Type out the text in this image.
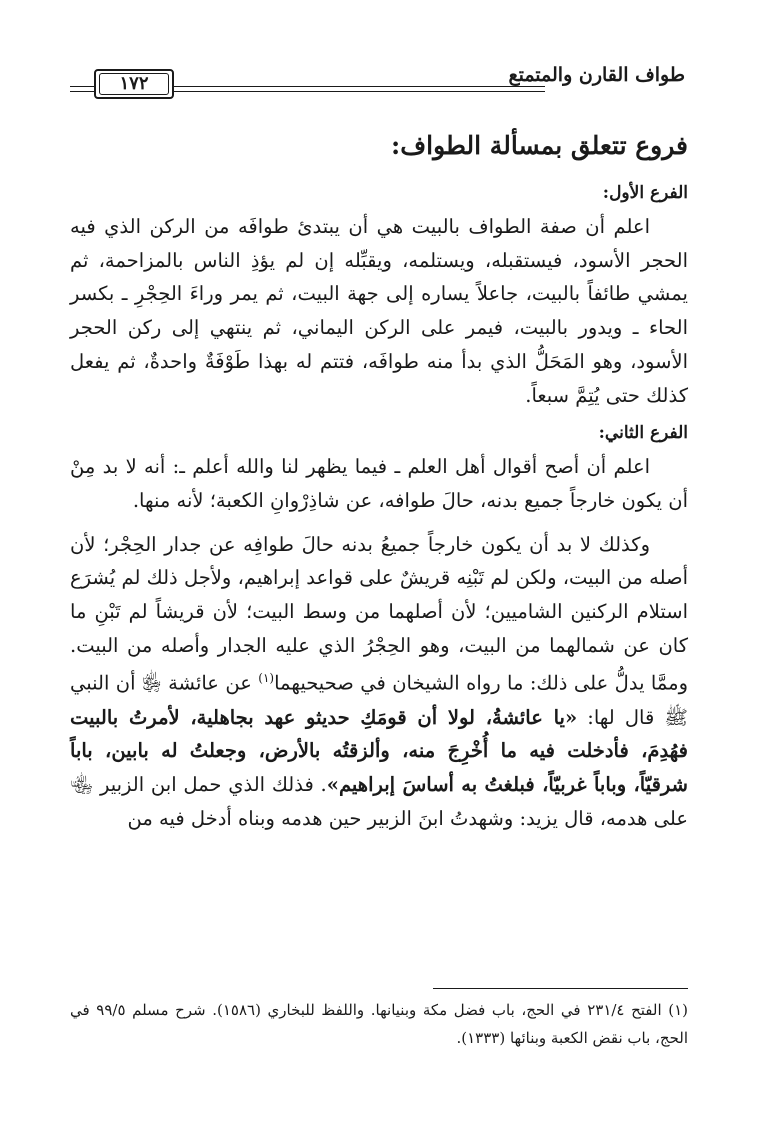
طواف القارن والمتمتع
١٧٢
فروع تتعلق بمسألة الطواف:
الفرع الأول:

اعلم أن صفة الطواف بالبيت هي أن يبتدئ طوافَه من الركن الذي فيه الحجر الأسود، فيستقبله، ويستلمه، ويقبِّله إن لم يؤذِ الناس بالمزاحمة، ثم يمشي طائفاً بالبيت، جاعلاً يساره إلى جهة البيت، ثم يمر وراءَ الحِجْرِ ـ بكسر الحاء ـ ويدور بالبيت، فيمر على الركن اليماني، ثم ينتهي إلى ركن الحجر الأسود، وهو المَحَلُّ الذي بدأ منه طوافَه، فتتم له بهذا طَوْفَةٌ واحدةٌ، ثم يفعل كذلك حتى يُتِمَّ سبعاً.

الفرع الثاني:

اعلم أن أصح أقوال أهل العلم ـ فيما يظهر لنا والله أعلم ـ: أنه لا بد مِنْ أن يكون خارجاً جميع بدنه، حالَ طوافه، عن شاذِرْوانِ الكعبة؛ لأنه منها.

وكذلك لا بد أن يكون خارجاً جميعُ بدنه حالَ طوافِه عن جدار الحِجْر؛ لأن أصله من البيت، ولكن لم تَبْنِه قريشٌ على قواعد إبراهيم، ولأجل ذلك لم يُشرَع استلام الركنين الشاميين؛ لأن أصلهما من وسط البيت؛ لأن قريشاً لم تَبْنِ ما كان عن شمالهما من البيت، وهو الحِجْرُ الذي عليه الجدار وأصله من البيت. وممَّا يدلُّ على ذلك: ما رواه الشيخان في صحيحيهما$^{(١)}$ عن عائشة ﵂ أن النبي ﷺ قال لها: «يا عائشةُ، لولا أن قومَكِ حديثو عهد بجاهلية، لأمرتُ بالبيت فهُدِمَ، فأدخلت فيه ما أُخْرِجَ منه، وألزقتُه بالأرض، وجعلتُ له بابين، باباً شرقيّاً، وباباً غربيّاً، فبلغتُ به أساسَ إبراهيم». فذلك الذي حمل ابن الزبير ﵄ على هدمه، قال يزيد: وشهدتُ ابنَ الزبير حين هدمه وبناه أدخل فيه من

(١) الفتح ٢٣١/٤ في الحج، باب فضل مكة وبنيانها. واللفظ للبخاري (١٥٨٦). شرح مسلم ٩٩/٥ في الحج، باب نقض الكعبة وبنائها (١٣٣٣).
